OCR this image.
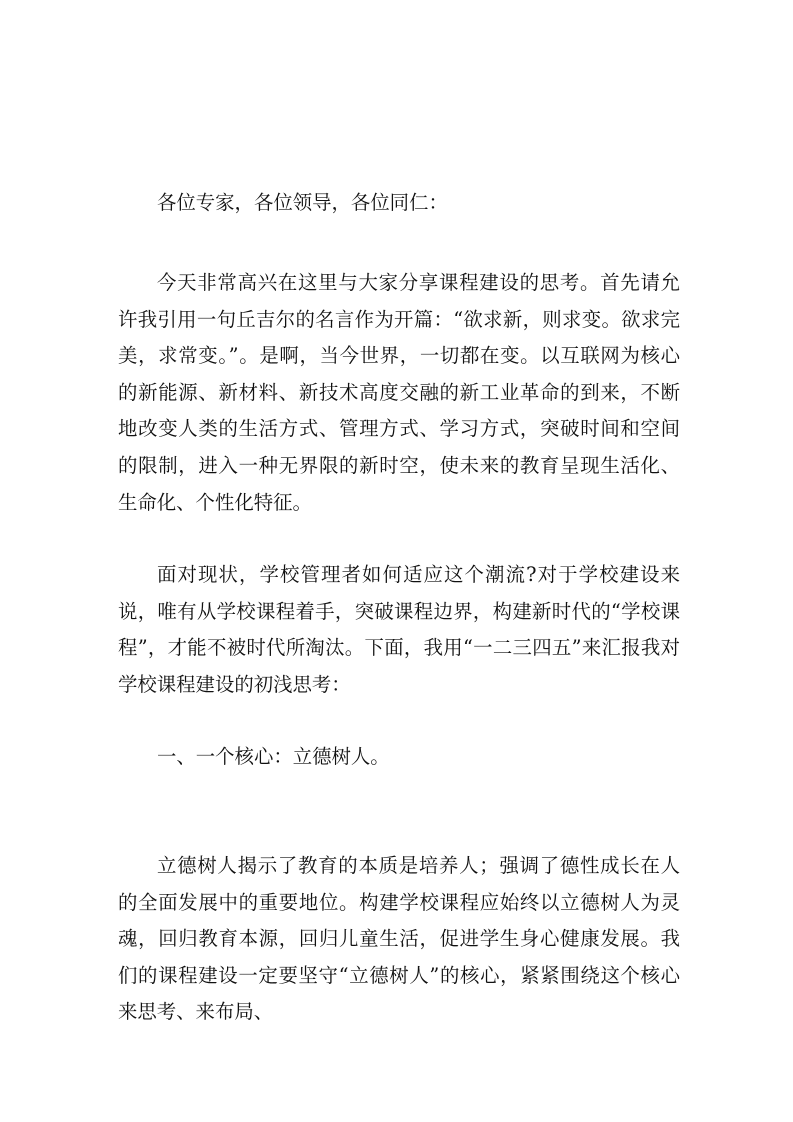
各位专家，各位领导，各位同仁：

今天非常高兴在这里与大家分享课程建设的思考。首先请允许我引用一句丘吉尔的名言作为开篇：“欲求新，则求变。欲求完美，求常变。”。是啊，当今世界，一切都在变。以互联网为核心的新能源、新材料、新技术高度交融的新工业革命的到来，不断地改变人类的生活方式、管理方式、学习方式，突破时间和空间的限制，进入一种无界限的新时空，使未来的教育呈现生活化、生命化、个性化特征。

面对现状，学校管理者如何适应这个潮流?对于学校建设来说，唯有从学校课程着手，突破课程边界，构建新时代的“学校课程”，才能不被时代所淘汰。下面，我用“一二三四五”来汇报我对学校课程建设的初浅思考：

一、一个核心：立德树人。

立德树人揭示了教育的本质是培养人；强调了德性成长在人的全面发展中的重要地位。构建学校课程应始终以立德树人为灵魂，回归教育本源，回归儿童生活，促进学生身心健康发展。我们的课程建设一定要坚守“立德树人”的核心，紧紧围绕这个核心来思考、来布局、
